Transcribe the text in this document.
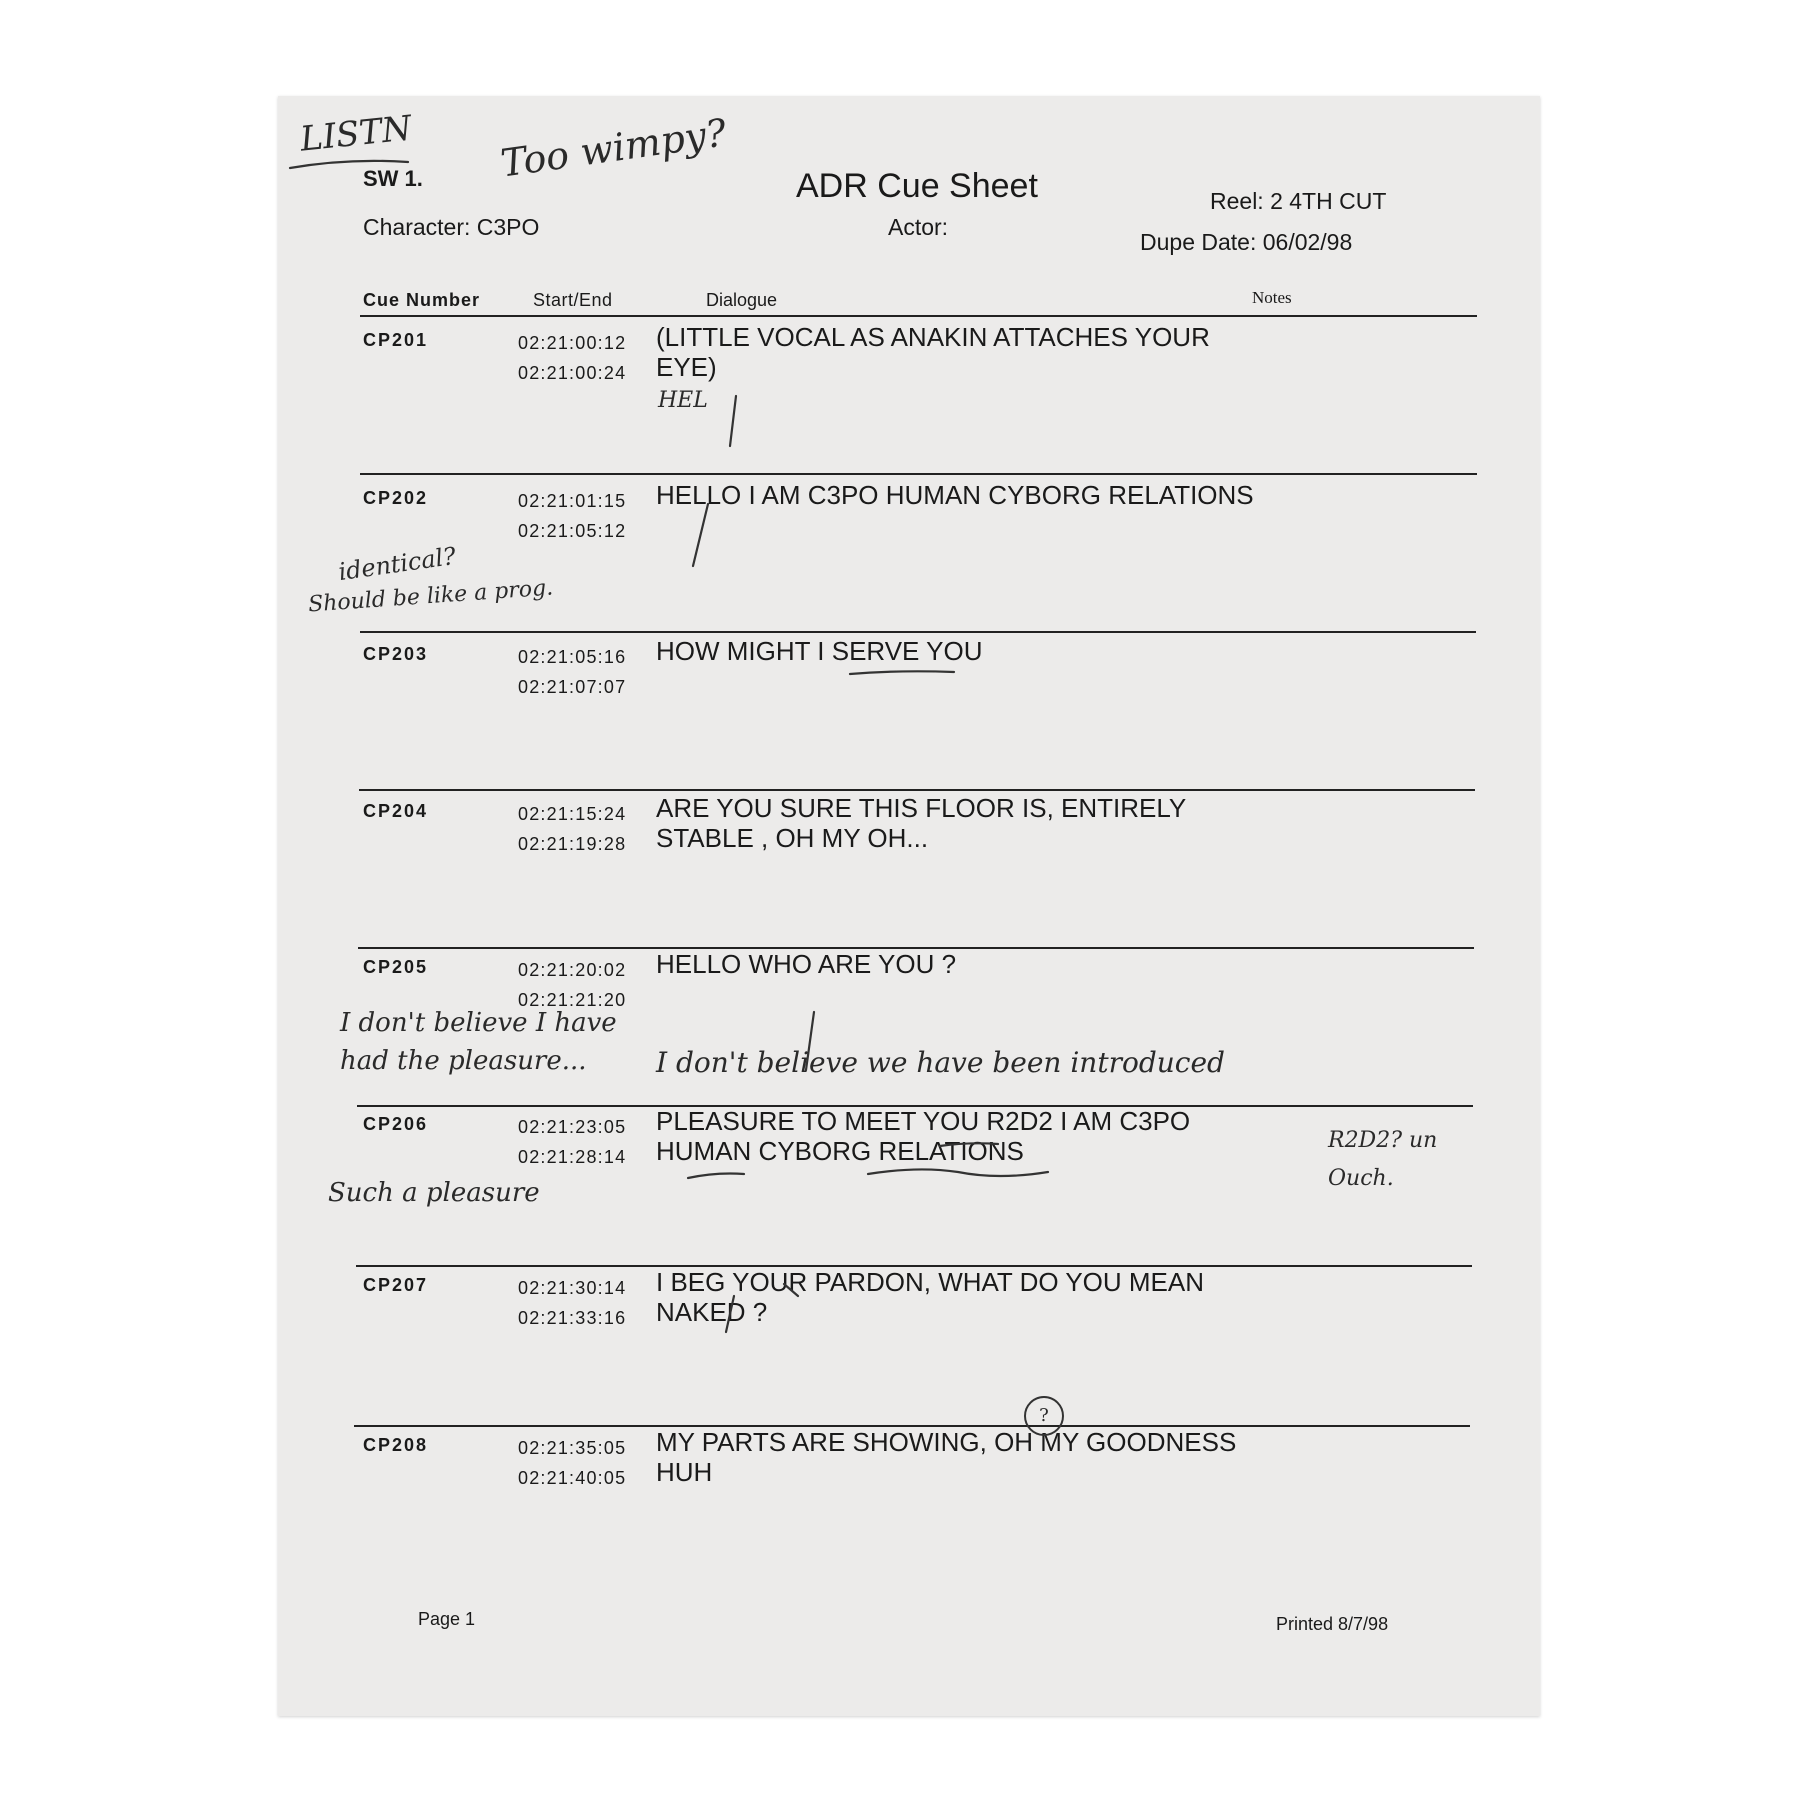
SW 1.	ADR Cue Sheet
Character: C3PO	Actor:
Reel: 2 4TH CUT
Dupe Date: 06/02/98
Cue Number	Start/End	Dialogue	Notes
CP201	02:21:00:12
02:21:00:24
(LITTLE VOCAL AS ANAKIN ATTACHES YOUR EYE)
CP202	02:21:01:15
02:21:05:12
HELLO I AM C3PO HUMAN CYBORG RELATIONS
CP203	02:21:05:16
02:21:07:07
HOW MIGHT I SERVE YOU
CP204	02:21:15:24
02:21:19:28
ARE YOU SURE THIS FLOOR IS, ENTIRELY STABLE , OH MY OH...
CP205	02:21:20:02
02:21:21:20
HELLO WHO ARE YOU ?
CP206	02:21:23:05
02:21:28:14
PLEASURE TO MEET YOU R2D2 I AM C3PO HUMAN CYBORG RELATIONS
CP207	02:21:30:14
02:21:33:16
I BEG YOUR PARDON, WHAT DO YOU MEAN NAKED ?
CP208	02:21:35:05
02:21:40:05
MY PARTS ARE SHOWING, OH MY GOODNESS HUH
Page 1	Printed 8/7/98
LISTN Too wimpy?
HEL
identical?
Should be like a prog.
I don't believe I have
had the pleasure... I don't believe we have been introduced
Such a pleasure
R2D2? un
Ouch.
?
